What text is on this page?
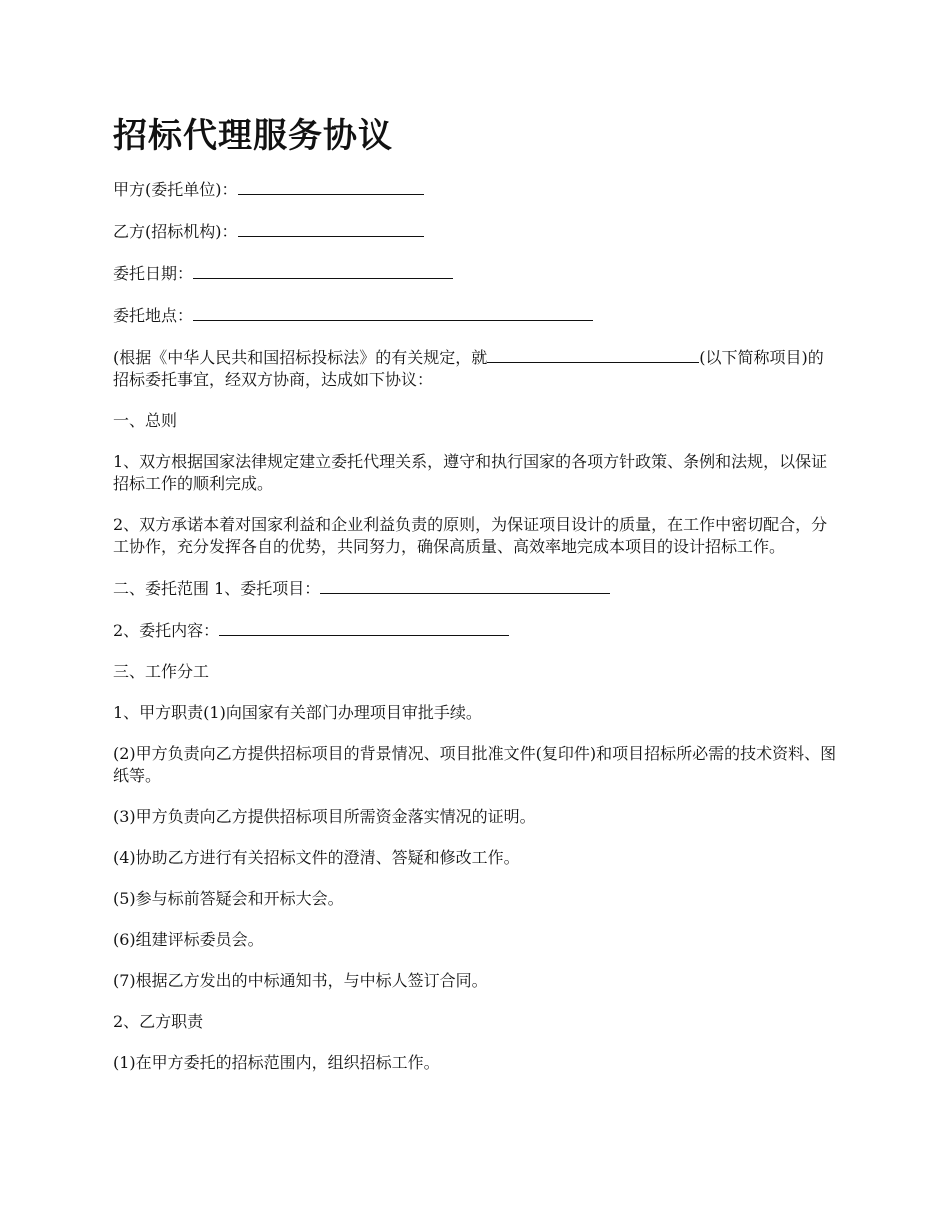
招标代理服务协议

甲方(委托单位)：

乙方(招标机构)：

委托日期：

委托地点：

(根据《中华人民共和国招标投标法》的有关规定，就	(以下简称项目)的招标委托事宜，经双方协商，达成如下协议：

一、总则

1、双方根据国家法律规定建立委托代理关系，遵守和执行国家的各项方针政策、条例和法规，以保证招标工作的顺利完成。

2、双方承诺本着对国家利益和企业利益负责的原则，为保证项目设计的质量，在工作中密切配合，分工协作，充分发挥各自的优势，共同努力，确保高质量、高效率地完成本项目的设计招标工作。

二、委托范围 1、委托项目：

2、委托内容：

三、工作分工

1、甲方职责(1)向国家有关部门办理项目审批手续。

(2)甲方负责向乙方提供招标项目的背景情况、项目批准文件(复印件)和项目招标所必需的技术资料、图纸等。

(3)甲方负责向乙方提供招标项目所需资金落实情况的证明。

(4)协助乙方进行有关招标文件的澄清、答疑和修改工作。

(5)参与标前答疑会和开标大会。

(6)组建评标委员会。

(7)根据乙方发出的中标通知书，与中标人签订合同。

2、乙方职责

(1)在甲方委托的招标范围内，组织招标工作。
